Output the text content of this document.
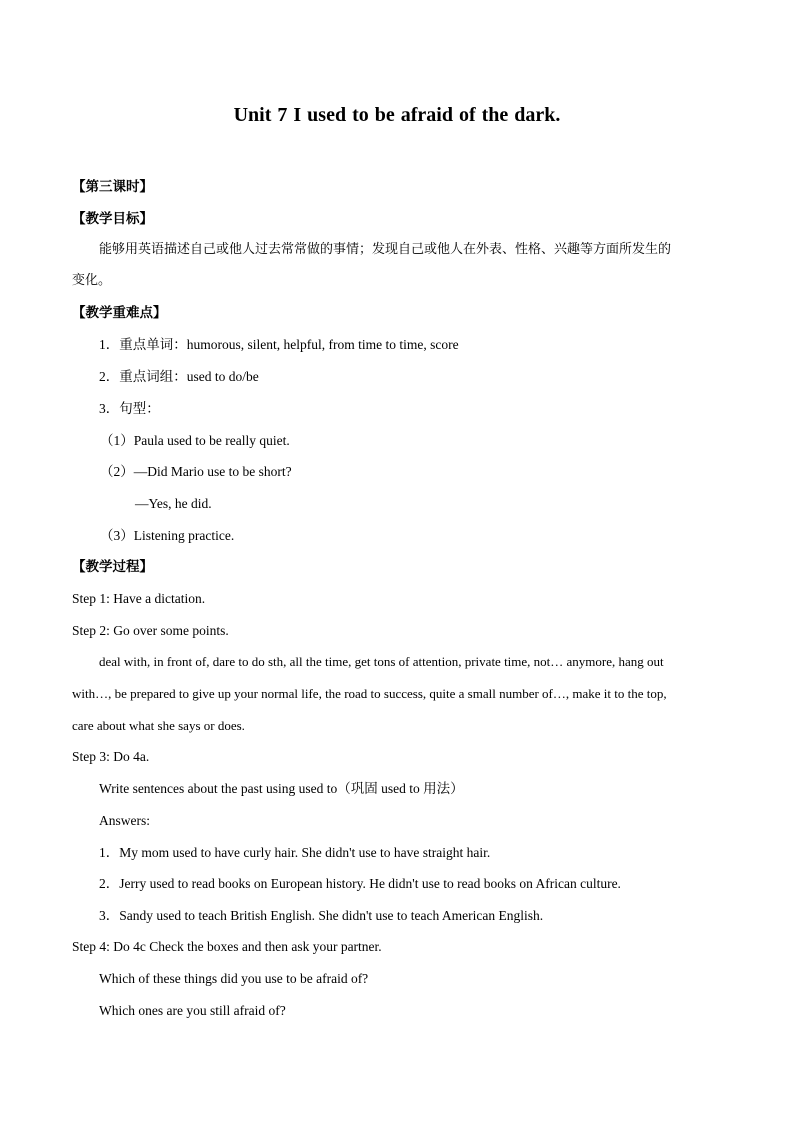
Unit 7 I used to be afraid of the dark.
【第三课时】
【教学目标】
能够用英语描述自己或他人过去常常做的事情；发现自己或他人在外表、性格、兴趣等方面所发生的
变化。
【教学重难点】
1．重点单词：humorous, silent, helpful, from time to time, score
2．重点词组：used to do/be
3．句型：
（1）Paula used to be really quiet.
（2）—Did Mario use to be short?
—Yes, he did.
（3）Listening practice.
【教学过程】
Step 1: Have a dictation.
Step 2: Go over some points.
deal with, in front of, dare to do sth, all the time, get tons of attention, private time, not… anymore, hang out
with…, be prepared to give up your normal life, the road to success, quite a small number of…, make it to the top,
care about what she says or does.
Step 3: Do 4a.
Write sentences about the past using used to（巩固 used to 用法）
Answers:
1．My mom used to have curly hair. She didn't use to have straight hair.
2．Jerry used to read books on European history. He didn't use to read books on African culture.
3．Sandy used to teach British English. She didn't use to teach American English.
Step 4: Do 4c Check the boxes and then ask your partner.
Which of these things did you use to be afraid of?
Which ones are you still afraid of?
